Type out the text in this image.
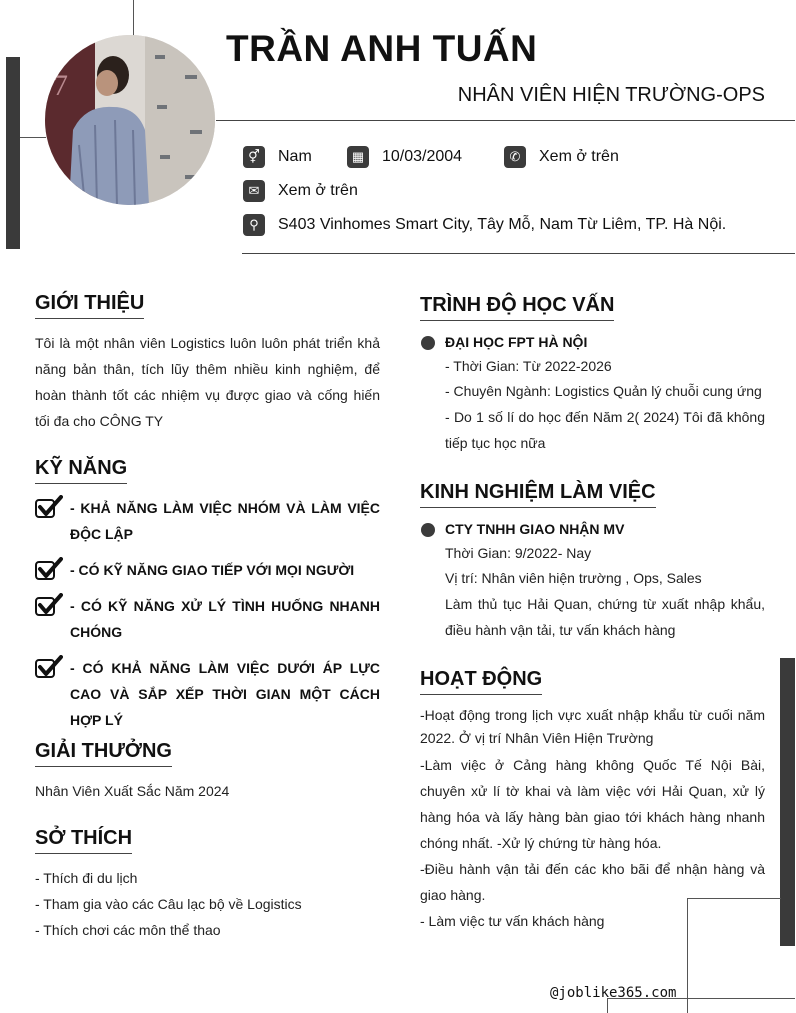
7
TRẦN ANH TUẤN
NHÂN VIÊN HIỆN TRƯỜNG-OPS
⚥	Nam	▦	10/03/2004	✆	Xem ở trên
✉	Xem ở trên
⚲	S403 Vinhomes Smart City, Tây Mỗ, Nam Từ Liêm, TP. Hà Nội.
GIỚI THIỆU
Tôi là một nhân viên Logistics luôn luôn phát triển khả năng bản thân, tích lũy thêm nhiều kinh nghiệm, để hoàn thành tốt các nhiệm vụ được giao và cống hiến tối đa cho CÔNG TY
KỸ NĂNG
- KHẢ NĂNG LÀM VIỆC NHÓM VÀ LÀM VIỆC ĐỘC LẬP
- CÓ KỸ NĂNG GIAO TIẾP VỚI MỌI NGƯỜI
- CÓ KỸ NĂNG XỬ LÝ TÌNH HUỐNG NHANH CHÓNG
- CÓ KHẢ NĂNG LÀM VIỆC DƯỚI ÁP LỰC CAO VÀ SẮP XẾP THỜI GIAN MỘT CÁCH HỢP LÝ
GIẢI THƯỞNG
Nhân Viên Xuất Sắc Năm 2024
SỞ THÍCH
- Thích đi du lịch
- Tham gia vào các Câu lạc bộ về Logistics
- Thích chơi các môn thể thao
TRÌNH ĐỘ HỌC VẤN
ĐẠI HỌC FPT HÀ NỘI
- Thời Gian: Từ 2022-2026
- Chuyên Ngành: Logistics Quản lý chuỗi cung ứng
- Do 1 số lí do học đến Năm 2( 2024) Tôi đã không tiếp tục học nữa
KINH NGHIỆM LÀM VIỆC
CTY TNHH GIAO NHẬN MV
Thời Gian: 9/2022- Nay
Vị trí: Nhân viên hiện trường , Ops, Sales
Làm thủ tục Hải Quan, chứng từ xuất nhập khẩu, điều hành vận tải, tư vấn khách hàng
HOẠT ĐỘNG
-Hoạt động trong lịch vực xuất nhập khẩu từ cuối năm 2022. Ở vị trí Nhân Viên Hiện Trường
-Làm việc ở Cảng hàng không Quốc Tế Nội Bài, chuyên xử lí tờ khai và làm việc với Hải Quan, xử lý hàng hóa và lấy hàng bàn giao tới khách hàng nhanh chóng nhất. -Xử lý chứng từ hàng hóa.
-Điều hành vận tải đến các kho bãi để nhận hàng và giao hàng.
- Làm việc tư vấn khách hàng
@joblike365.com
